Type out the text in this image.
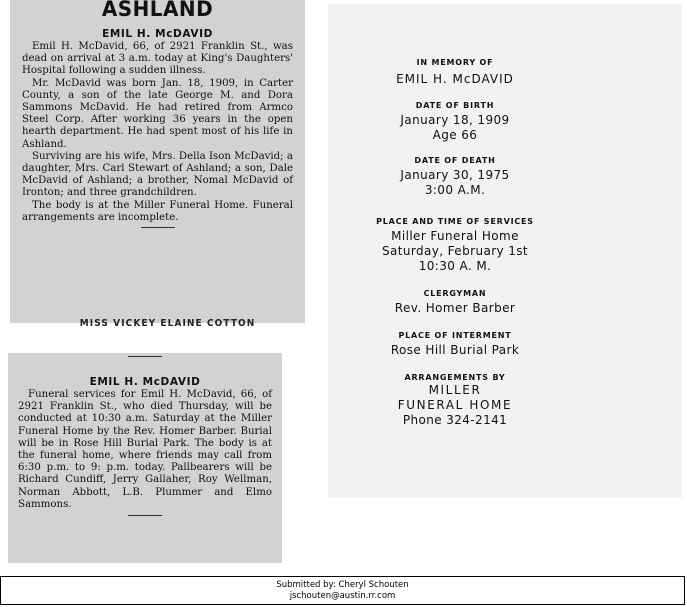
ASHLAND
EMIL H. McDAVID

Emil H. McDavid, 66, of 2921 Franklin St., was dead on arrival at 3 a.m. today at King's Daughters' Hospital following a sudden illness.

Mr. McDavid was born Jan. 18, 1909, in Carter County, a son of the late George M. and Dora Sammons McDavid. He had retired from Armco Steel Corp. After working 36 years in the open hearth department. He had spent most of his life in Ashland.

Surviving are his wife, Mrs. Della Ison McDavid; a daughter, Mrs. Carl Stewart of Ashland; a son, Dale McDavid of Ashland; a brother, Nomal McDavid of Ironton; and three grandchildren.

The body is at the Miller Funeral Home. Funeral arrangements are incomplete.

MISS VICKEY ELAINE COTTON
EMIL H. McDAVID

Funeral services for Emil H. McDavid, 66, of 2921 Franklin St., who died Thursday, will be conducted at 10:30 a.m. Saturday at the Miller Funeral Home by the Rev. Homer Barber. Burial will be in Rose Hill Burial Park. The body is at the funeral home, where friends may call from 6:30 p.m. to 9: p.m. today. Pallbearers will be Richard Cundiff, Jerry Gallaher, Roy Wellman, Norman Abbott, L.B. Plummer and Elmo Sammons.

IN MEMORY OF
EMIL H. McDAVID
DATE OF BIRTH
January 18, 1909
Age 66
DATE OF DEATH
January 30, 1975
3:00 A.M.
PLACE AND TIME OF SERVICES
Miller Funeral Home
Saturday, February 1st
10:30 A. M.
CLERGYMAN
Rev. Homer Barber
PLACE OF INTERMENT
Rose Hill Burial Park
ARRANGEMENTS BY
MILLER
FUNERAL HOME
Phone 324-2141
Submitted by: Cheryl Schouten
jschouten@austin.rr.com
